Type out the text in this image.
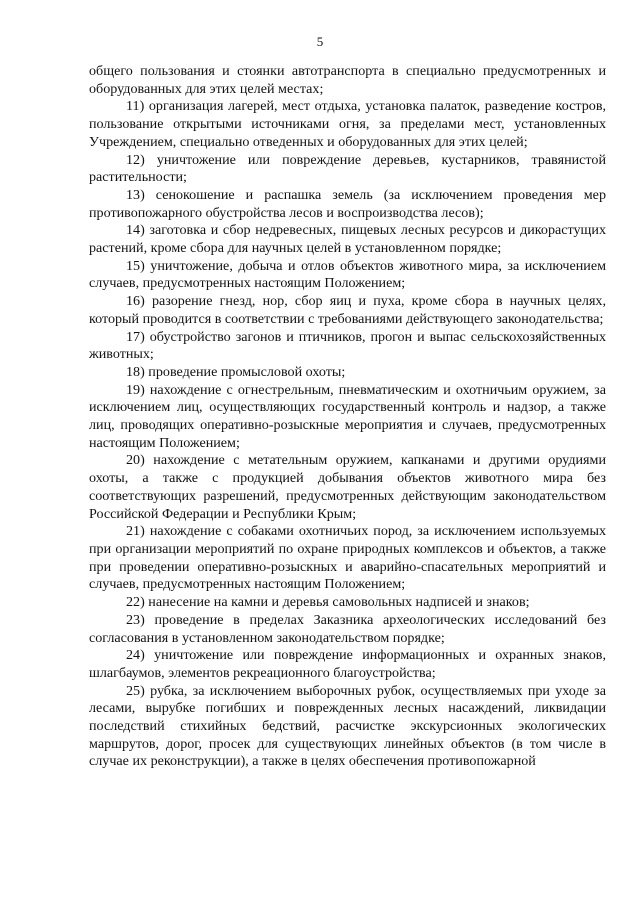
5

общего пользования и стоянки автотранспорта в специально предусмотренных и оборудованных для этих целей местах;

11) организация лагерей, мест отдыха, установка палаток, разведение костров, пользование открытыми источниками огня, за пределами мест, установленных Учреждением, специально отведенных и оборудованных для этих целей;

12) уничтожение или повреждение деревьев, кустарников, травянистой растительности;

13) сенокошение и распашка земель (за исключением проведения мер противопожарного обустройства лесов и воспроизводства лесов);

14) заготовка и сбор недревесных, пищевых лесных ресурсов и дикорастущих растений, кроме сбора для научных целей в установленном порядке;

15) уничтожение, добыча и отлов объектов животного мира, за исключением случаев, предусмотренных настоящим Положением;

16) разорение гнезд, нор, сбор яиц и пуха, кроме сбора в научных целях, который проводится в соответствии с требованиями действующего законодательства;

17) обустройство загонов и птичников, прогон и выпас сельскохозяйственных животных;

18) проведение промысловой охоты;

19) нахождение с огнестрельным, пневматическим и охотничьим оружием, за исключением лиц, осуществляющих государственный контроль и надзор, а также лиц, проводящих оперативно-розыскные мероприятия и случаев, предусмотренных настоящим Положением;

20) нахождение с метательным оружием, капканами и другими орудиями охоты, а также с продукцией добывания объектов животного мира без соответствующих разрешений, предусмотренных действующим законодательством Российской Федерации и Республики Крым;

21) нахождение с собаками охотничьих пород, за исключением используемых при организации мероприятий по охране природных комплексов и объектов, а также при проведении оперативно-розыскных и аварийно-спасательных мероприятий и случаев, предусмотренных настоящим Положением;

22) нанесение на камни и деревья самовольных надписей и знаков;

23) проведение в пределах Заказника археологических исследований без согласования в установленном законодательством порядке;

24) уничтожение или повреждение информационных и охранных знаков, шлагбаумов, элементов рекреационного благоустройства;

25) рубка, за исключением выборочных рубок, осуществляемых при уходе за лесами, вырубке погибших и поврежденных лесных насаждений, ликвидации последствий стихийных бедствий, расчистке экскурсионных экологических маршрутов, дорог, просек для существующих линейных объектов (в том числе в случае их реконструкции), а также в целях обеспечения противопожарной
